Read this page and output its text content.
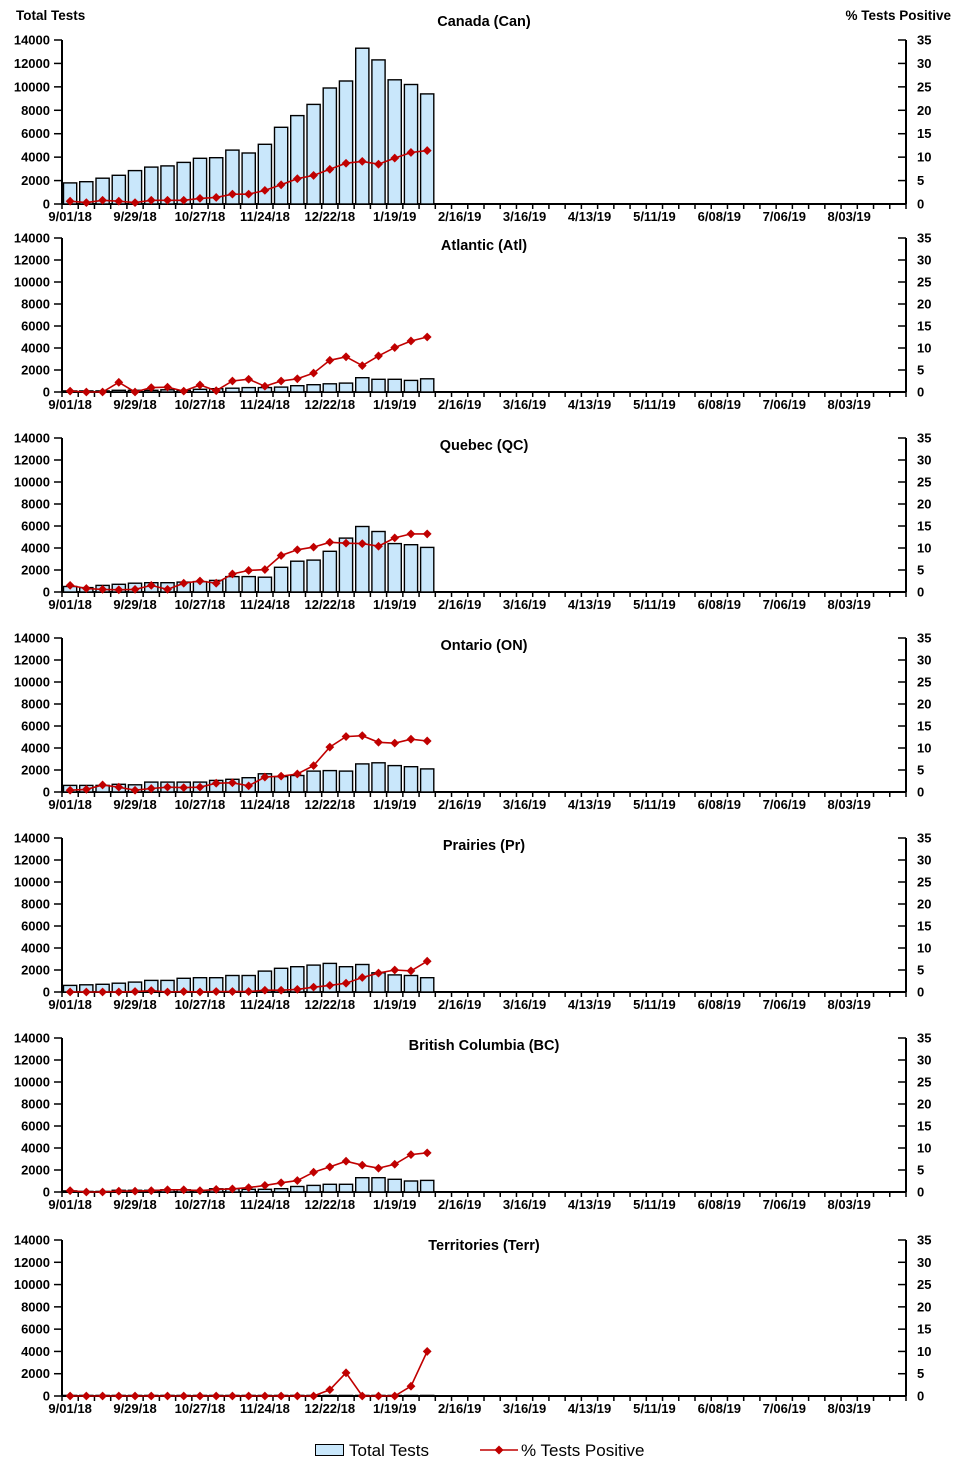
Canada (Can)
Total Tests	% Tests Positive
0
2000
4000
6000
8000
10000
12000
14000
0
5
10
15
20
25
30
35
9/01/18 9/29/18 10/27/18 11/24/18 12/22/18 1/19/19 2/16/19 3/16/19 4/13/19 5/11/19 6/08/19 7/06/19 8/03/19
Atlantic (Atl)
0
2000
4000
6000
8000
10000
12000
14000
0
5
10
15
20
25
30
35
9/01/18 9/29/18 10/27/18 11/24/18 12/22/18 1/19/19 2/16/19 3/16/19 4/13/19 5/11/19 6/08/19 7/06/19 8/03/19
Quebec (QC)
0
2000
4000
6000
8000
10000
12000
14000
0
5
10
15
20
25
30
35
9/01/18 9/29/18 10/27/18 11/24/18 12/22/18 1/19/19 2/16/19 3/16/19 4/13/19 5/11/19 6/08/19 7/06/19 8/03/19
Ontario (ON)
0
2000
4000
6000
8000
10000
12000
14000
0
5
10
15
20
25
30
35
9/01/18 9/29/18 10/27/18 11/24/18 12/22/18 1/19/19 2/16/19 3/16/19 4/13/19 5/11/19 6/08/19 7/06/19 8/03/19
Prairies (Pr)
0
2000
4000
6000
8000
10000
12000
14000
0
5
10
15
20
25
30
35
9/01/18 9/29/18 10/27/18 11/24/18 12/22/18 1/19/19 2/16/19 3/16/19 4/13/19 5/11/19 6/08/19 7/06/19 8/03/19
British Columbia (BC)
0
2000
4000
6000
8000
10000
12000
14000
0
5
10
15
20
25
30
35
9/01/18 9/29/18 10/27/18 11/24/18 12/22/18 1/19/19 2/16/19 3/16/19 4/13/19 5/11/19 6/08/19 7/06/19 8/03/19
Territories (Terr)
0
2000
4000
6000
8000
10000
12000
14000
0
5
10
15
20
25
30
35
9/01/18 9/29/18 10/27/18 11/24/18 12/22/18 1/19/19 2/16/19 3/16/19 4/13/19 5/11/19 6/08/19 7/06/19 8/03/19
Total Tests	% Tests Positive
